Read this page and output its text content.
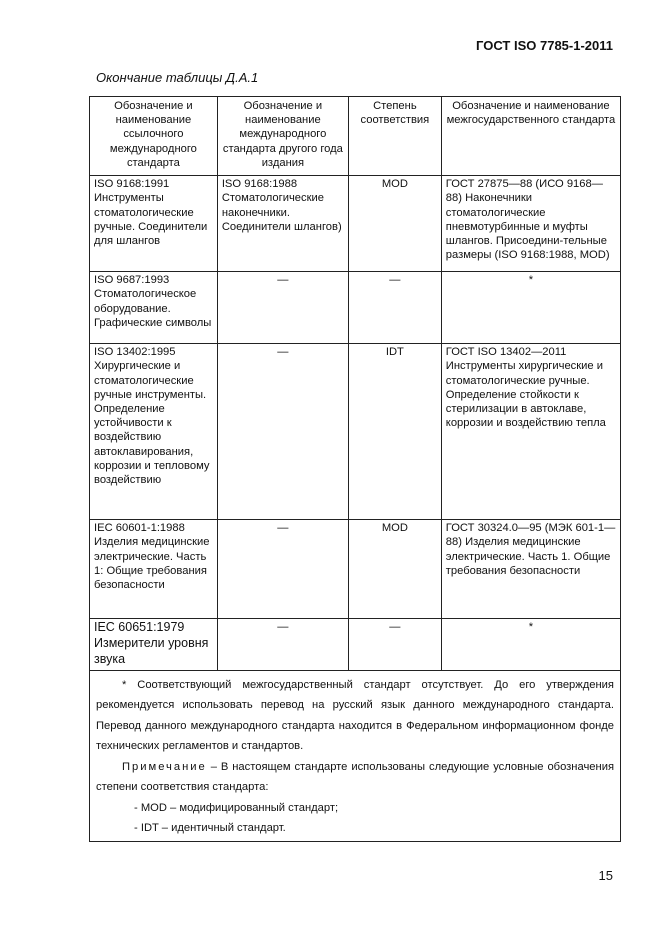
ГОСТ ISO 7785-1-2011
Окончание таблицы Д.А.1
Обозначение и наименование ссылочного международного стандарта	Обозначение и наименование международного стандарта другого года издания	Степень соответствия	Обозначение и наименование межгосударственного стандарта
ISO 9168:1991 Инструменты стоматологические ручные. Соединители для шлангов	ISO 9168:1988 Стоматологические наконечники. Соединители шлангов)	MOD	ГОСТ 27875—88 (ИСО 9168—88) Наконечники стоматологические пневмотурбинные и муфты шлангов. Присоедини-тельные размеры (ISO 9168:1988, MOD)
ISO 9687:1993 Стоматологическое оборудование. Графические символы	—	—	*
ISO 13402:1995 Хирургические и стоматологические ручные инструменты. Определение устойчивости к воздействию автоклавирования, коррозии и тепловому воздействию	—	IDT	ГОСТ ISO 13402—2011 Инструменты хирургические и стоматологические ручные. Определение стойкости к стерилизации в автоклаве, коррозии и воздействию тепла
IEC 60601-1:1988 Изделия медицинские электрические. Часть 1: Общие требования безопасности	—	MOD	ГОСТ 30324.0—95 (МЭК 601-1—88) Изделия медицинские электрические. Часть 1. Общие требования безопасности
IEC 60651:1979 Измерители уровня звука	—	—	*

* Соответствующий межгосударственный стандарт отсутствует. До его утверждения рекомендуется использовать перевод на русский язык данного международного стандарта. Перевод данного международного стандарта находится в Федеральном информационном фонде технических регламентов и стандартов.

Примечание – В настоящем стандарте использованы следующие условные обозначения степени соответствия стандарта:

- MOD – модифицированный стандарт;

- IDT – идентичный стандарт.			

15
